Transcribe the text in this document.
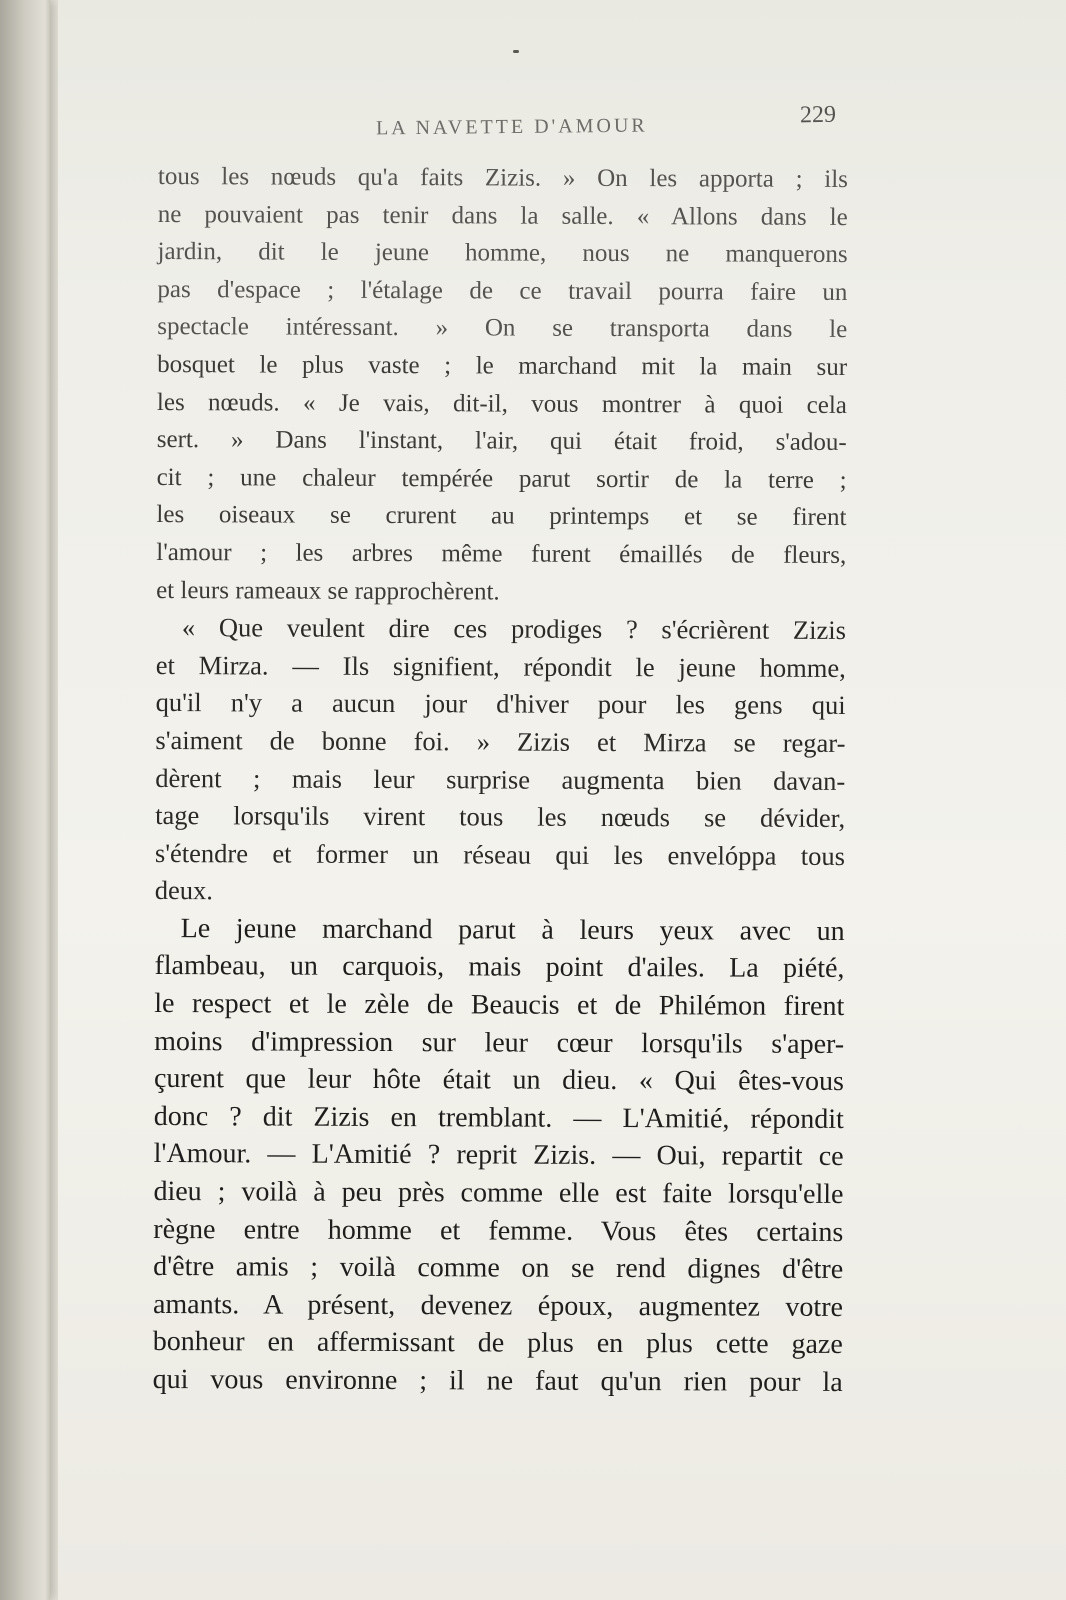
LA NAVETTE D'AMOUR	229
tous les nœuds qu'a faits Zizis. » On les apporta ; ils
ne pouvaient pas tenir dans la salle. « Allons dans le
jardin, dit le jeune homme, nous ne manquerons
pas d'espace ; l'étalage de ce travail pourra faire un
spectacle intéressant. » On se transporta dans le
bosquet le plus vaste ; le marchand mit la main sur
les nœuds. « Je vais, dit-il, vous montrer à quoi cela
sert. » Dans l'instant, l'air, qui était froid, s'adou-
cit ; une chaleur tempérée parut sortir de la terre ;
les oiseaux se crurent au printemps et se firent
l'amour ; les arbres même furent émaillés de fleurs,
et leurs rameaux se rapprochèrent.
« Que veulent dire ces prodiges ? s'écrièrent Zizis
et Mirza. — Ils signifient, répondit le jeune homme,
qu'il n'y a aucun jour d'hiver pour les gens qui
s'aiment de bonne foi. » Zizis et Mirza se regar-
dèrent ; mais leur surprise augmenta bien davan-
tage lorsqu'ils virent tous les nœuds se dévider,
s'étendre et former un réseau qui les envelóppa tous
deux.
Le jeune marchand parut à leurs yeux avec un
flambeau, un carquois, mais point d'ailes. La piété,
le respect et le zèle de Beaucis et de Philémon firent
moins d'impression sur leur cœur lorsqu'ils s'aper-
çurent que leur hôte était un dieu. « Qui êtes-vous
donc ? dit Zizis en tremblant. — L'Amitié, répondit
l'Amour. — L'Amitié ? reprit Zizis. — Oui, repartit ce
dieu ; voilà à peu près comme elle est faite lorsqu'elle
règne entre homme et femme. Vous êtes certains
d'être amis ; voilà comme on se rend dignes d'être
amants. A présent, devenez époux, augmentez votre
bonheur en affermissant de plus en plus cette gaze
qui vous environne ; il ne faut qu'un rien pour la
